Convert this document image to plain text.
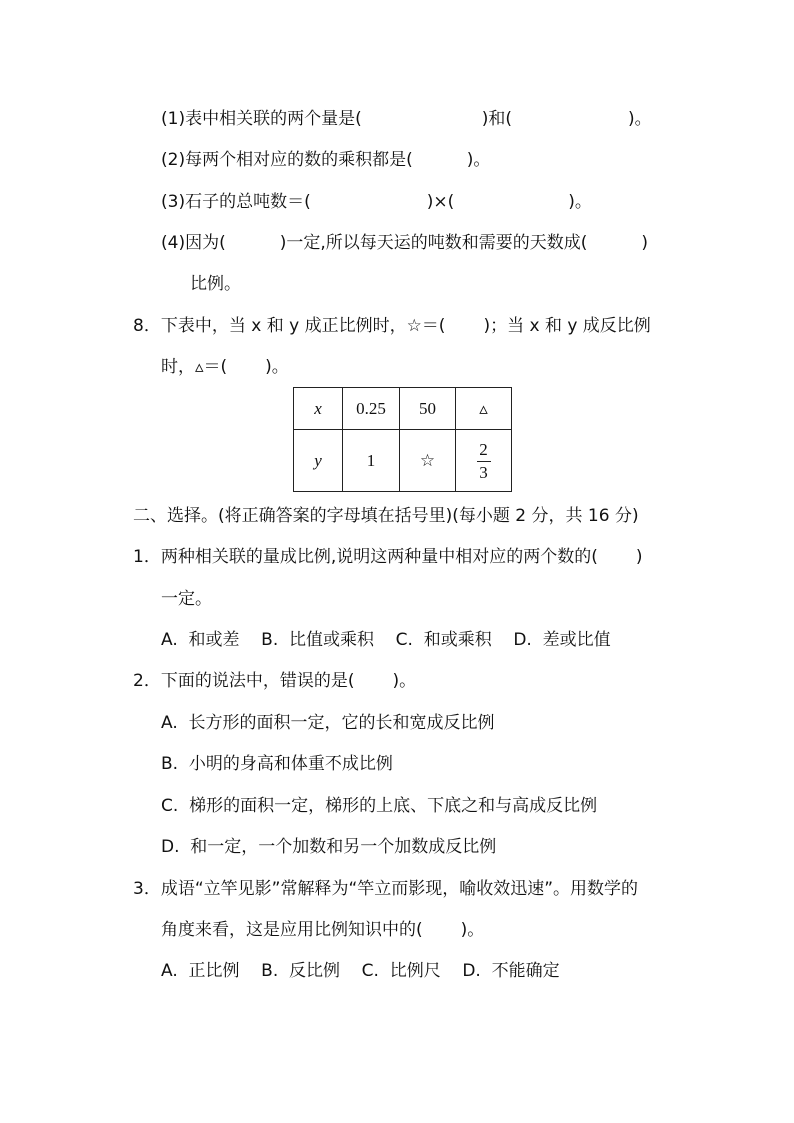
(1)表中相关联的两个量是(	)和(	)。
(2)每两个相对应的数的乘积都是(	)。
(3)石子的总吨数＝(	)×(	)。
(4)因为(	)一定,所以每天运的吨数和需要的天数成(	)
比例。
8．下表中，当 x 和 y 成正比例时，☆＝( )；当 x 和 y 成反比例
时，▵＝( )。
x	0.25	50	▵
y	1	☆	$\frac{2}{3}$
二、选择。(将正确答案的字母填在括号里)(每小题 2 分，共 16 分)
1．两种相关联的量成比例,说明这两种量中相对应的两个数的( )
一定。
A.  和或差    B.  比值或乘积    C.  和或乘积    D.  差或比值
2．下面的说法中，错误的是( )。
A.  长方形的面积一定，它的长和宽成反比例
B.  小明的身高和体重不成比例
C.  梯形的面积一定，梯形的上底、下底之和与高成反比例
D.  和一定，一个加数和另一个加数成反比例
3．成语“立竿见影”常解释为“竿立而影现，喻收效迅速”。用数学的
角度来看，这是应用比例知识中的( )。
A.  正比例    B.  反比例    C.  比例尺    D.  不能确定
